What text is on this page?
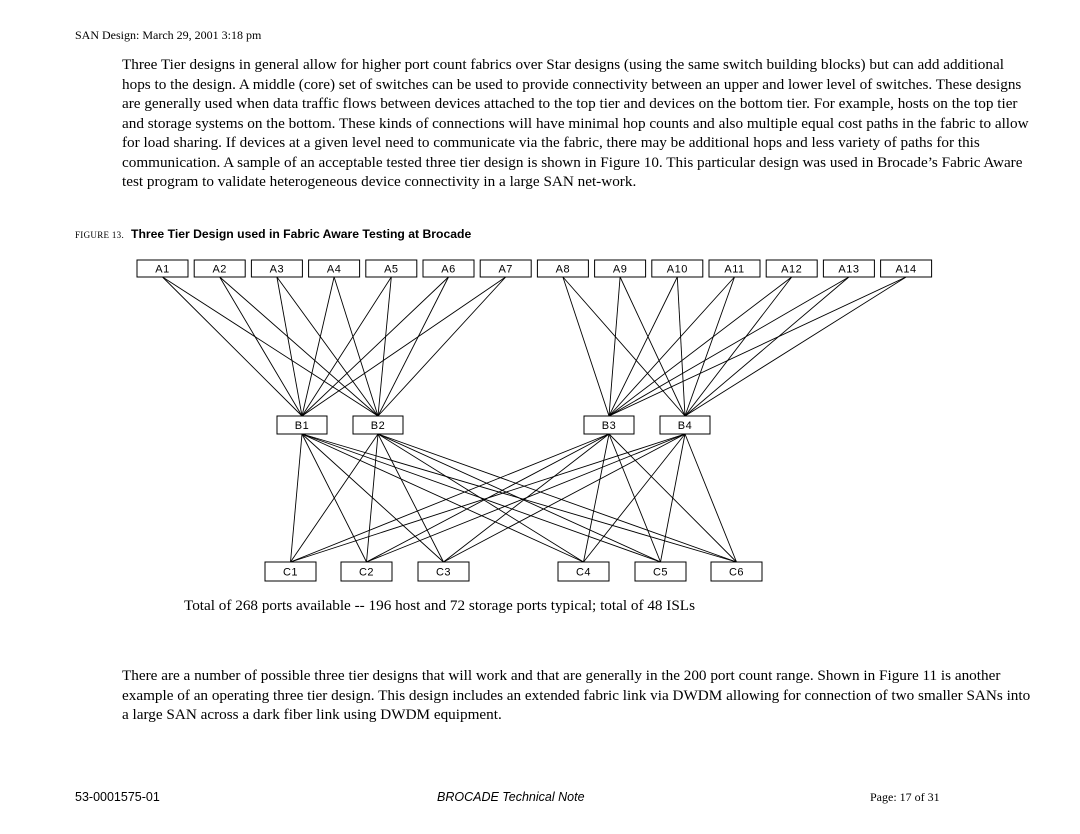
SAN Design: March 29, 2001 3:18 pm

Three Tier designs in general allow for higher port count fabrics over Star designs (using the same switch building blocks) but can add additional hops to the design. A middle (core) set of switches can be used to provide connectivity between an upper and lower level of switches. These designs are generally used when data traffic flows between devices attached to the top tier and devices on the bottom tier. For example, hosts on the top tier and storage systems on the bottom. These kinds of connections will have minimal hop counts and also multiple equal cost paths in the fabric to allow for load sharing. If devices at a given level need to communicate via the fabric, there may be additional hops and less variety of paths for this communication. A sample of an acceptable tested three tier design is shown in Figure 10. This particular design was used in Brocade’s Fabric Aware test program to validate heterogeneous device connectivity in a large SAN net-work.

FIGURE 13. Three Tier Design used in Fabric Aware Testing at Brocade
A1	A2	A3	A4	A5	A6	A7	A8	A9	A10	A11	A12	A13	A14
B1	B2	B3	B4
C1	C2	C3	C4	C5	C6
Total of 268 ports available -- 196 host and 72 storage ports typical; total of 48 ISLs

There are a number of possible three tier designs that will work and that are generally in the 200 port count range. Shown in Figure 11 is another example of an operating three tier design. This design includes an extended fabric link via DWDM allowing for connection of two smaller SANs into a large SAN across a dark fiber link using DWDM equipment.

53-0001575-01	BROCADE Technical Note	Page: 17 of 31
